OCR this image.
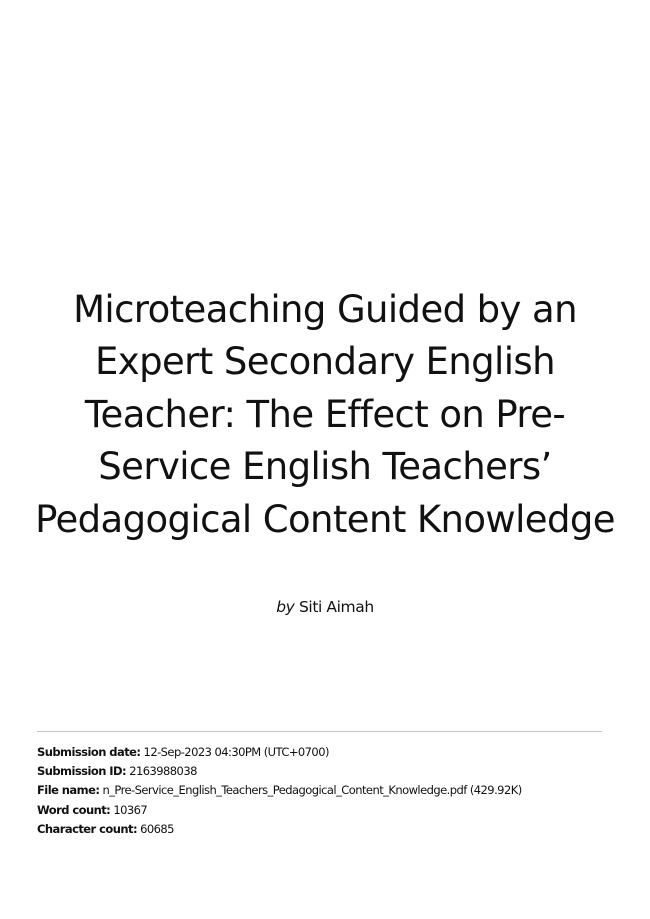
Microteaching Guided by an Expert Secondary English Teacher: The Effect on Pre-Service English Teachers’ Pedagogical Content Knowledge
by Siti Aimah
Submission date: 12-Sep-2023 04:30PM (UTC+0700)
Submission ID: 2163988038
File name: n_Pre-Service_English_Teachers_Pedagogical_Content_Knowledge.pdf (429.92K)
Word count: 10367
Character count: 60685
